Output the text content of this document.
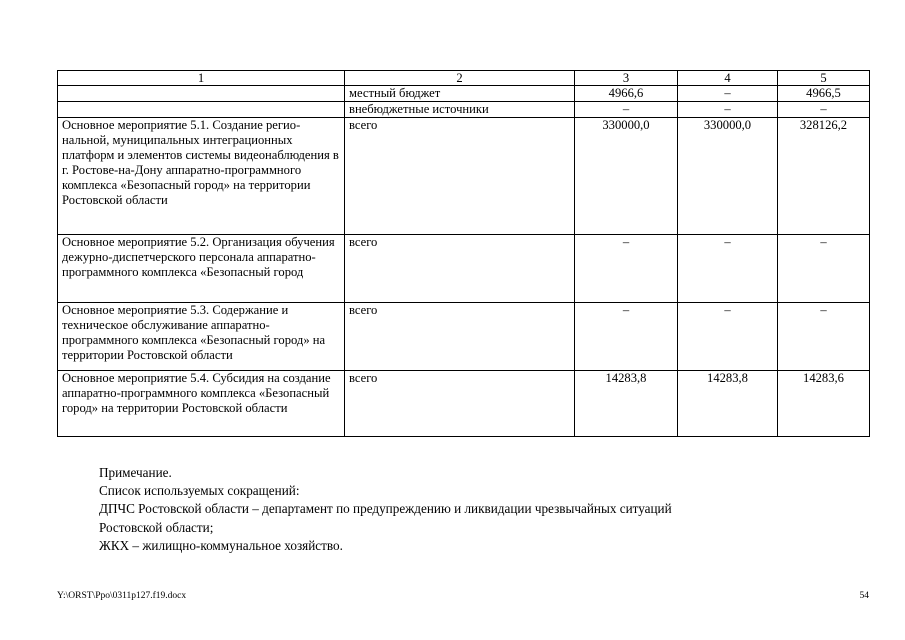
1	2	3	4	5
	местный бюджет	4966,6	–	4966,5
	внебюджетные источники	–	–	–
Основное мероприятие 5.1. Создание региональной, муниципальных интеграционных платформ и элементов системы видеонаблюдения в г. Ростове-на-Дону аппаратно-программного комплекса «Безопасный город» на территории Ростовской области	всего	330000,0	330000,0	328126,2
Основное мероприятие 5.2. Организация обучения дежурно-диспетчерского персонала аппаратно-программного комплекса «Безопасный город	всего	–	–	–
Основное мероприятие 5.3. Содержание и техническое обслуживание аппаратно-программного комплекса «Безопасный город» на территории Ростовской области	всего	–	–	–
Основное мероприятие 5.4. Субсидия на создание аппаратно-программного комплекса «Безопасный город» на территории Ростовской области	всего	14283,8	14283,8	14283,6
Примечание.
Список используемых сокращений:
ДПЧС Ростовской области – департамент по предупреждению и ликвидации чрезвычайных ситуаций
Ростовской области;
ЖКХ – жилищно-коммунальное хозяйство.
Y:\ORST\Ppo\0311p127.f19.docx	54
